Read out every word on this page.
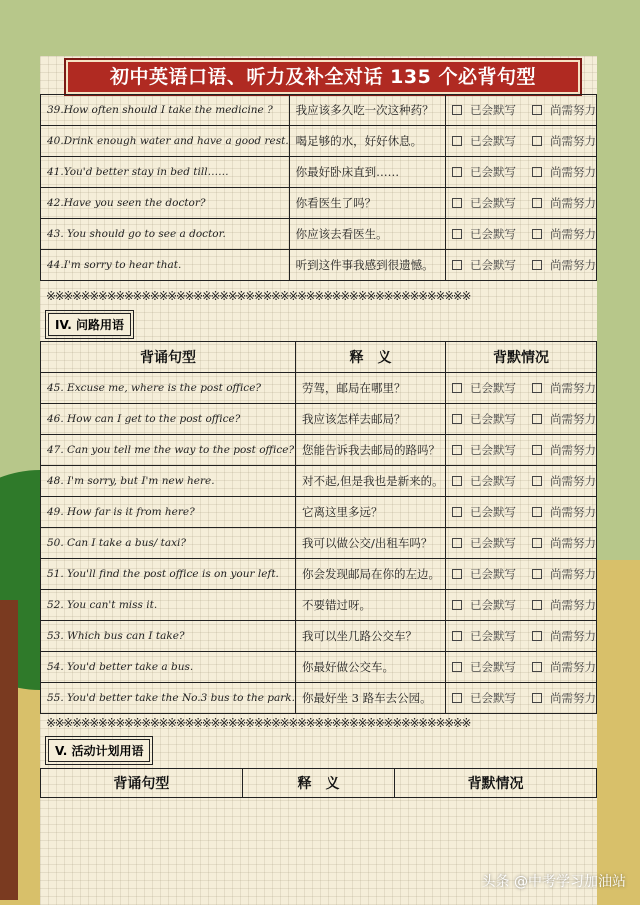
初中英语口语、听力及补全对话 135 个必背句型
39.How often should I take the medicine ?	我应该多久吃一次这种药？	已会默写 尚需努力
40.Drink enough water and have a good rest.	喝足够的水，好好休息。	已会默写 尚需努力
41.You'd better stay in bed till……	你最好卧床直到……	已会默写 尚需努力
42.Have you seen the doctor?	你看医生了吗？	已会默写 尚需努力
43. You should go to see a doctor.	你应该去看医生。	已会默写 尚需努力
44.I'm sorry to hear that.	听到这件事我感到很遗憾。	已会默写 尚需努力
※※※※※※※※※※※※※※※※※※※※※※※※※※※※※※※※※※※※※※※※※※※※※※※※※
IV. 问路用语
背诵句型	释　义	背默情况
45. Excuse me, where is the post office?	劳驾，邮局在哪里？	已会默写 尚需努力
46. How can I get to the post office?	我应该怎样去邮局？	已会默写 尚需努力
47. Can you tell me the way to the post office?	您能告诉我去邮局的路吗？	已会默写 尚需努力
48. I'm sorry, but I'm new here.	对不起,但是我也是新来的。	已会默写 尚需努力
49. How far is it from here?	它离这里多远？	已会默写 尚需努力
50. Can I take a bus/ taxi?	我可以做公交/出租车吗？	已会默写 尚需努力
51. You'll find the post office is on your left.	你会发现邮局在你的左边。	已会默写 尚需努力
52. You can't miss it.	不要错过呀。	已会默写 尚需努力
53. Which bus can I take?	我可以坐几路公交车？	已会默写 尚需努力
54. You'd better take a bus.	你最好做公交车。	已会默写 尚需努力
55. You'd better take the No.3 bus to the park.	你最好坐 3 路车去公园。	已会默写 尚需努力
※※※※※※※※※※※※※※※※※※※※※※※※※※※※※※※※※※※※※※※※※※※※※※※※※
V. 活动计划用语
背诵句型	释　义	背默情况
头条 @中考学习加油站
